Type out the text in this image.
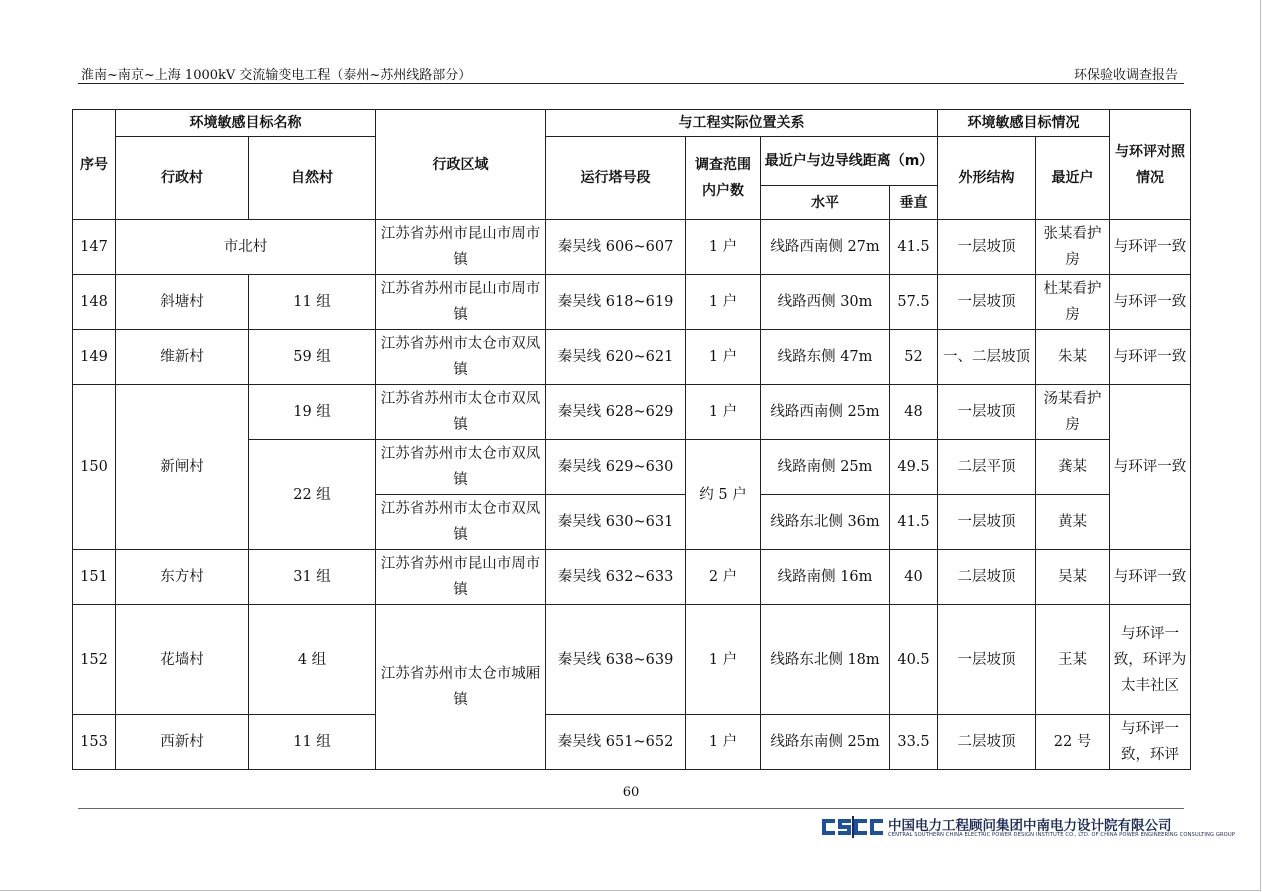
淮南~南京~上海 1000kV 交流输变电工程（泰州~苏州线路部分）	环保验收调查报告
序号	环境敏感目标名称		行政区域	与工程实际位置关系				环境敏感目标情况		与环评对照情况
	行政村	自然村		运行塔号段	调查范围内户数	最近户与边导线距离（m）		外形结构	最近户	
						水平	垂直			
147	市北村		江苏省苏州市昆山市周市镇	秦吴线 606~607	1 户	线路西南侧 27m	41.5	一层坡顶	张某看护房	与环评一致
148	斜塘村	11 组	江苏省苏州市昆山市周市镇	秦吴线 618~619	1 户	线路西侧 30m	57.5	一层坡顶	杜某看护房	与环评一致
149	维新村	59 组	江苏省苏州市太仓市双凤镇	秦吴线 620~621	1 户	线路东侧 47m	52	一、二层坡顶	朱某	与环评一致
150	新闸村	19 组	江苏省苏州市太仓市双凤镇	秦吴线 628~629	1 户	线路西南侧 25m	48	一层坡顶	汤某看护房	与环评一致
		22 组	江苏省苏州市太仓市双凤镇	秦吴线 629~630	约 5 户	线路南侧 25m	49.5	二层平顶	龚某	
			江苏省苏州市太仓市双凤镇	秦吴线 630~631		线路东北侧 36m	41.5	一层坡顶	黄某	
151	东方村	31 组	江苏省苏州市昆山市周市镇	秦吴线 632~633	2 户	线路南侧 16m	40	二层坡顶	吴某	与环评一致
152	花墙村	4 组	江苏省苏州市太仓市城厢镇	秦吴线 638~639	1 户	线路东北侧 18m	40.5	一层坡顶	王某	与环评一致，环评为太丰社区
153	西新村	11 组		秦吴线 651~652	1 户	线路东南侧 25m	33.5	二层坡顶	22 号	与环评一致，环评
60
CSEPDI
中国电力工程顾问集团中南电力设计院有限公司
CENTRAL SOUTHERN CHINA ELECTRIC POWER DESIGN INSTITUTE CO., LTD. OF CHINA POWER ENGINEERING CONSULTING GROUP
